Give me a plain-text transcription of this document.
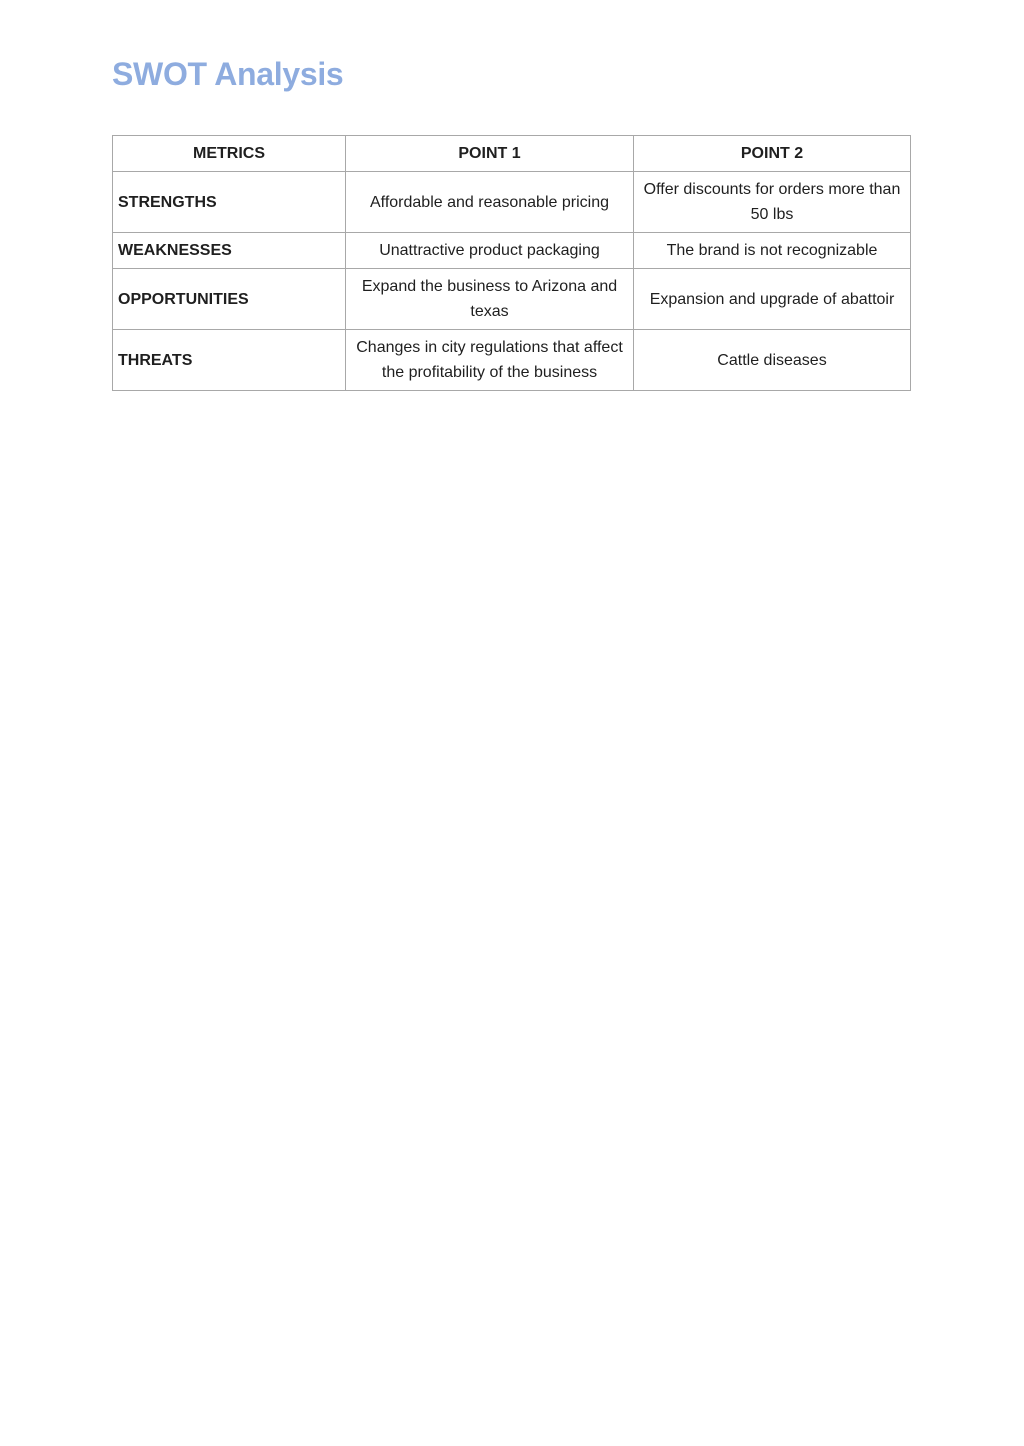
SWOT Analysis
METRICS	POINT 1	POINT 2
STRENGTHS	Affordable and reasonable pricing	Offer discounts for orders more than 50 lbs
WEAKNESSES	Unattractive product packaging	The brand is not recognizable
OPPORTUNITIES	Expand the business to Arizona and texas	Expansion and upgrade of abattoir
THREATS	Changes in city regulations that affect the profitability of the business	Cattle diseases
